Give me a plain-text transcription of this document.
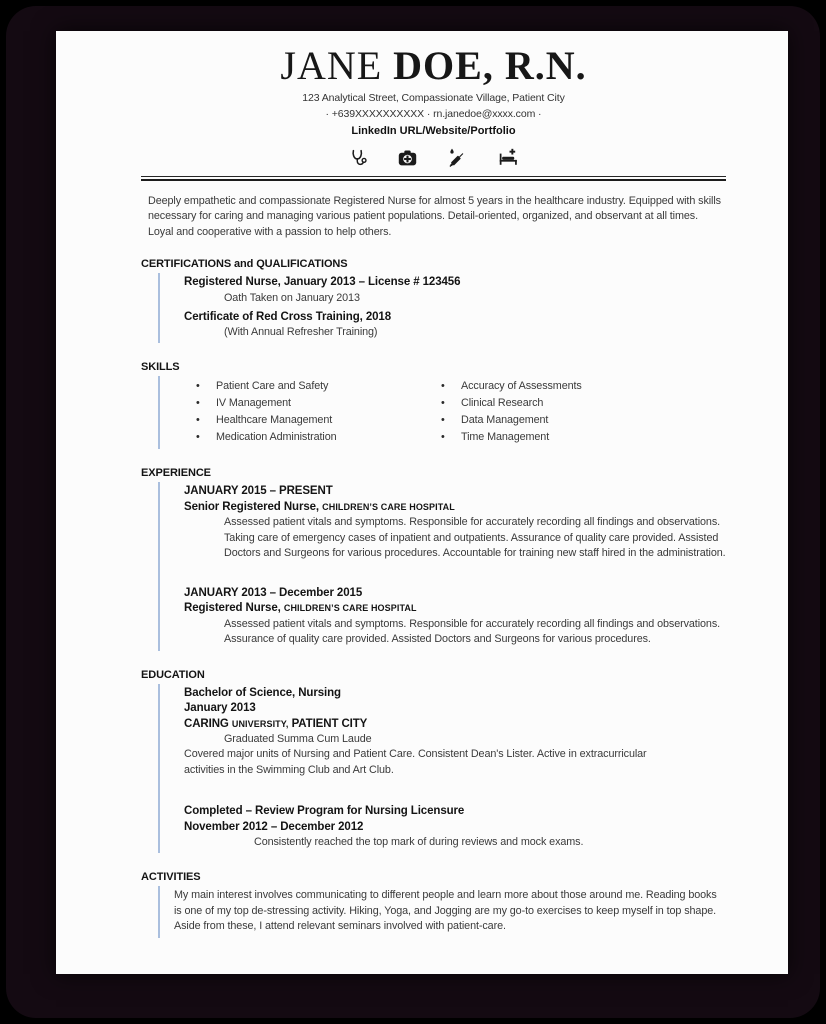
JANE DOE, R.N.
123 Analytical Street, Compassionate Village, Patient City
· +639XXXXXXXXXX · rn.janedoe@xxxx.com ·
LinkedIn URL/Website/Portfolio

Deeply empathetic and compassionate Registered Nurse for almost 5 years in the healthcare industry. Equipped with skills necessary for caring and managing various patient populations. Detail-oriented, organized, and observant at all times. Loyal and cooperative with a passion to help others.

CERTIFICATIONS and QUALIFICATIONS
Registered Nurse, January 2013 – License # 123456
Oath Taken on January 2013
Certificate of Red Cross Training, 2018
(With Annual Refresher Training)
SKILLS
• Patient Care and Safety
• IV Management
• Healthcare Management
• Medication Administration
• Accuracy of Assessments
• Clinical Research
• Data Management
• Time Management
EXPERIENCE
JANUARY 2015 – PRESENT
Senior Registered Nurse, CHILDREN’S CARE HOSPITAL

Assessed patient vitals and symptoms. Responsible for accurately recording all findings and observations. Taking care of emergency cases of inpatient and outpatients. Assurance of quality care provided. Assisted Doctors and Surgeons for various procedures. Accountable for training new staff hired in the administration.

JANUARY 2013 – December 2015
Registered Nurse, CHILDREN’S CARE HOSPITAL

Assessed patient vitals and symptoms. Responsible for accurately recording all findings and observations. Assurance of quality care provided. Assisted Doctors and Surgeons for various procedures.

EDUCATION
Bachelor of Science, Nursing
January 2013
CARING UNIVERSITY, PATIENT CITY
Graduated Summa Cum Laude

Covered major units of Nursing and Patient Care. Consistent Dean's Lister. Active in extracurricular activities in the Swimming Club and Art Club.

Completed – Review Program for Nursing Licensure
November 2012 – December 2012
Consistently reached the top mark of during reviews and mock exams.
ACTIVITIES

My main interest involves communicating to different people and learn more about those around me. Reading books is one of my top de-stressing activity. Hiking, Yoga, and Jogging are my go-to exercises to keep myself in top shape. Aside from these, I attend relevant seminars involved with patient-care.
